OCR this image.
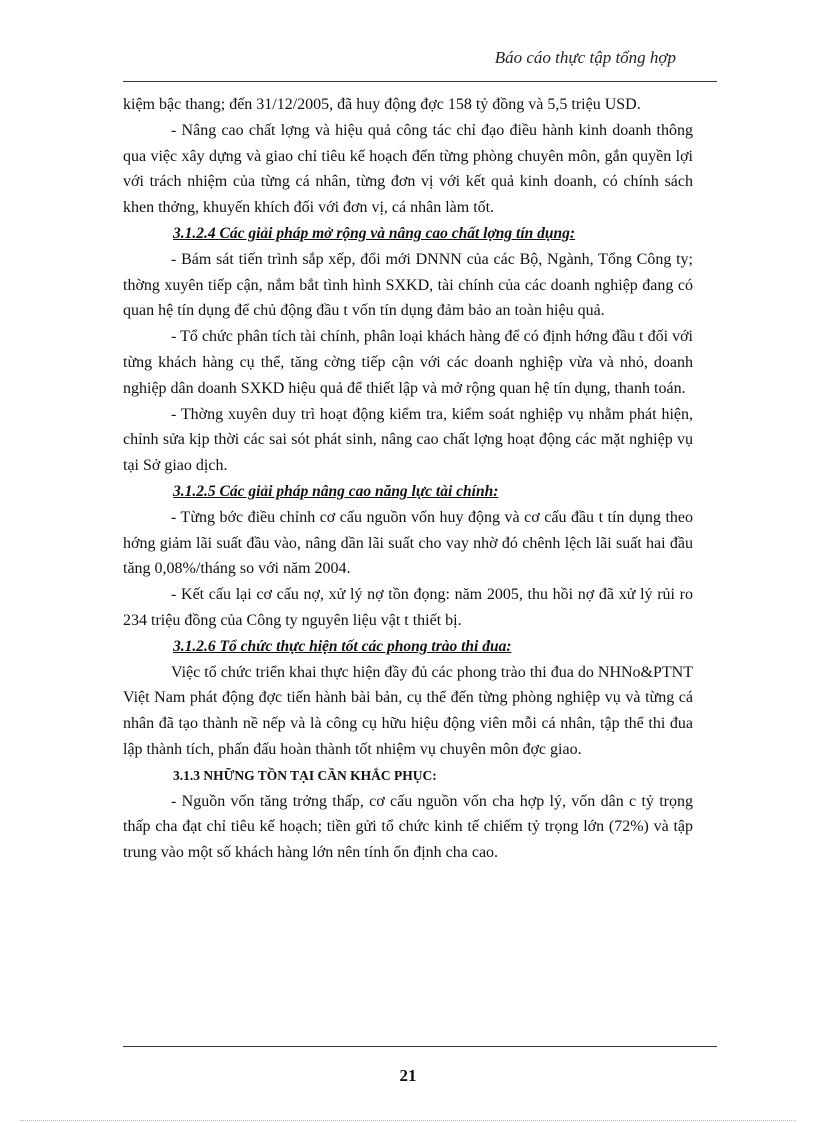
Báo cáo thực tập tổng hợp

kiệm bậc thang; đến 31/12/2005, đã huy động đợc 158 tỷ đồng và 5,5 triệu USD.

- Nâng cao chất lợng và hiệu quả công tác chỉ đạo điều hành kinh doanh thông qua việc xây dựng và giao chỉ tiêu kế hoạch đến từng phòng chuyên môn, gắn quyền lợi với trách nhiệm của từng cá nhân, từng đơn vị với kết quả kinh doanh, có chính sách khen thởng, khuyến khích đối với đơn vị, cá nhân làm tốt.

3.1.2.4 Các giải pháp mở rộng và nâng cao chất lợng tín dụng:

- Bám sát tiến trình sắp xếp, đổi mới DNNN của các Bộ, Ngành, Tổng Công ty; thờng xuyên tiếp cận, nắm bắt tình hình SXKD, tài chính của các doanh nghiệp đang có quan hệ tín dụng để chủ động đầu t vốn tín dụng đảm bảo an toàn hiệu quả.

- Tổ chức phân tích tài chính, phân loại khách hàng để có định hớng đầu t đối với từng khách hàng cụ thể, tăng cờng tiếp cận với các doanh nghiệp vừa và nhỏ, doanh nghiệp dân doanh SXKD hiệu quả để thiết lập và mở rộng quan hệ tín dụng, thanh toán.

- Thờng xuyên duy trì hoạt động kiểm tra, kiểm soát nghiệp vụ nhằm phát hiện, chỉnh sửa kịp thời các sai sót phát sinh, nâng cao chất lợng hoạt động các mặt nghiệp vụ tại Sở giao dịch.

3.1.2.5 Các giải pháp nâng cao năng lực tài chính:

- Từng bớc điều chỉnh cơ cấu nguồn vốn huy động và cơ cấu đầu t tín dụng theo hớng giảm lãi suất đầu vào, nâng dần lãi suất cho vay nhờ đó chênh lệch lãi suất hai đầu tăng 0,08%/tháng so với năm 2004.

- Kết cấu lại cơ cấu nợ, xử lý nợ tồn đọng: năm 2005, thu hồi nợ đã xử lý rủi ro 234 triệu đồng của Công ty nguyên liệu vật t thiết bị.

3.1.2.6 Tổ chức thực hiện tốt các phong trào thi đua:

Việc tổ chức triển khai thực hiện đầy đủ các phong trào thi đua do NHNo&PTNT Việt Nam phát động đợc tiến hành bài bản, cụ thể đến từng phòng nghiệp vụ và từng cá nhân đã tạo thành nề nếp và là công cụ hữu hiệu động viên mỗi cá nhân, tập thể thi đua lập thành tích, phấn đấu hoàn thành tốt nhiệm vụ chuyên môn đợc giao.

3.1.3 NHỮNG TỒN TẠI CẦN KHẮC PHỤC:

- Nguồn vốn tăng trởng thấp, cơ cấu nguồn vốn cha hợp lý, vốn dân c tỷ trọng thấp cha đạt chỉ tiêu kế hoạch; tiền gửi tổ chức kinh tế chiếm tỷ trọng lớn (72%) và tập trung vào một số khách hàng lớn nên tính ổn định cha cao.

21
